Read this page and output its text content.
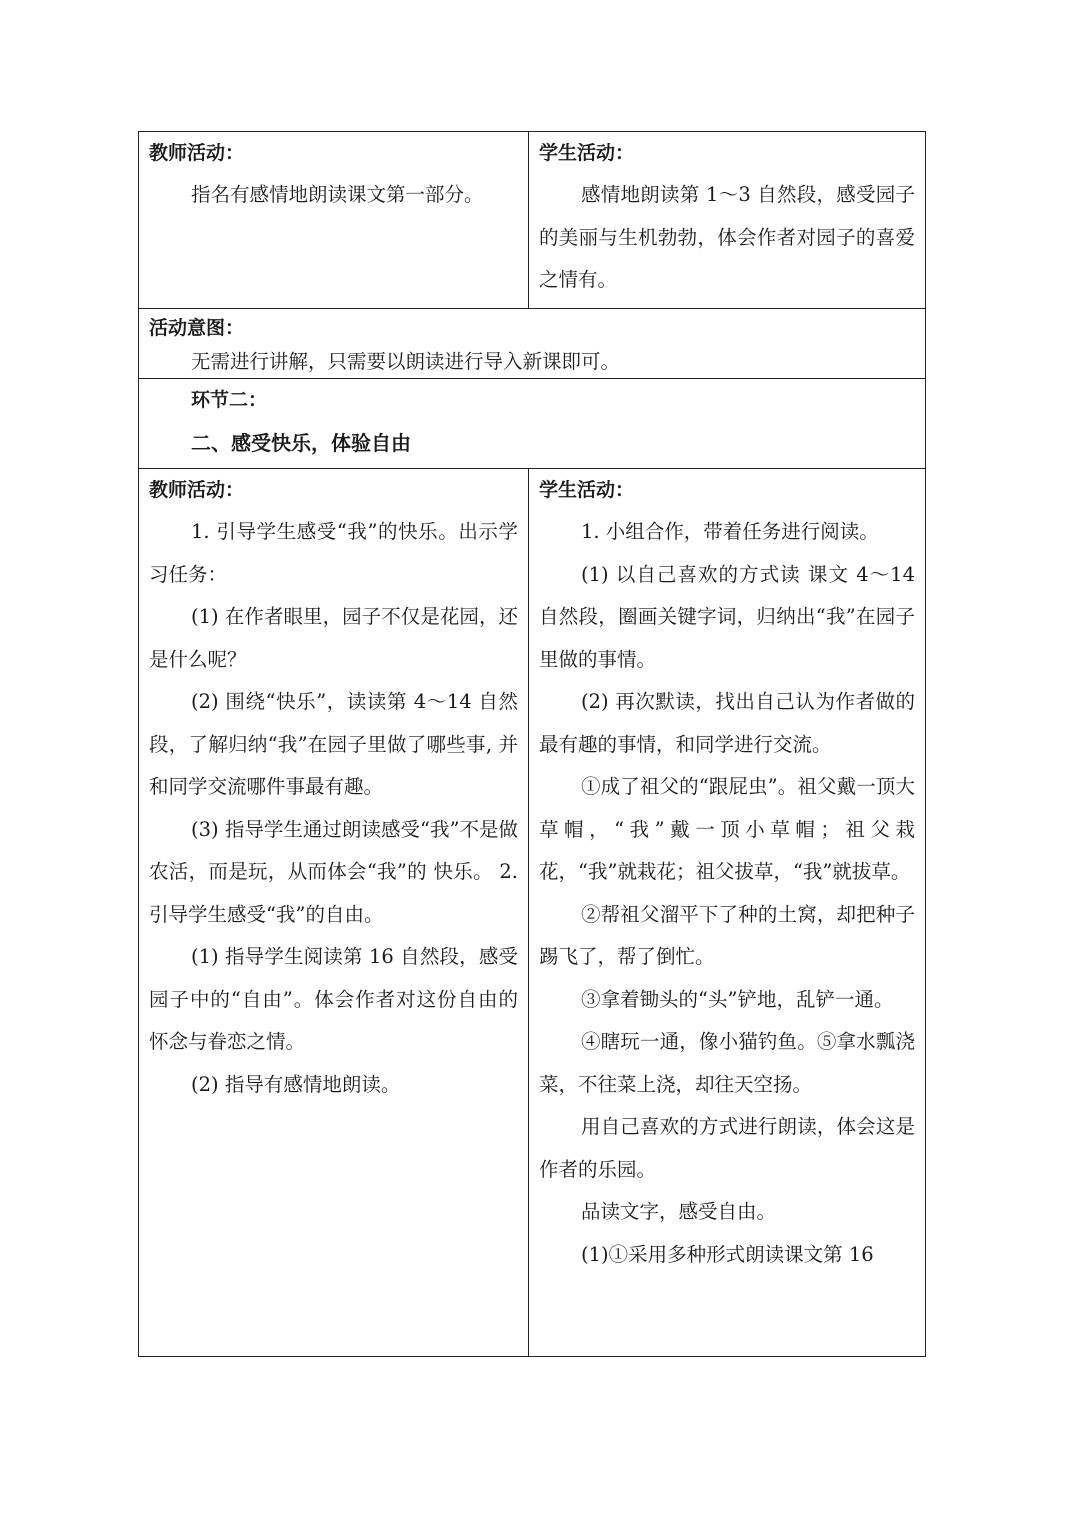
教师活动：

指名有感情地朗读课文第一部分。

学生活动：

感情地朗读第 1～3 自然段，感受园子的美丽与生机勃勃，体会作者对园子的喜爱之情有。

活动意图：

无需进行讲解，只需要以朗读进行导入新课即可。

环节二：

二、感受快乐，体验自由

教师活动：

1. 引导学生感受“我”的快乐。出示学习任务：

(1) 在作者眼里，园子不仅是花园，还是什么呢？

(2) 围绕“快乐”，读读第 4～14 自然段，了解归纳“我”在园子里做了哪些事, 并和同学交流哪件事最有趣。

(3) 指导学生通过朗读感受“我”不是做农活，而是玩，从而体会“我”的 快乐。 2. 引导学生感受“我”的自由。

(1) 指导学生阅读第 16 自然段，感受园子中的“自由”。体会作者对这份自由的怀念与眷恋之情。

(2) 指导有感情地朗读。

学生活动：

1. 小组合作，带着任务进行阅读。

(1) 以自己喜欢的方式读 课文 4～14 自然段，圈画关键字词，归纳出“我”在园子里做的事情。

(2) 再次默读，找出自己认为作者做的最有趣的事情，和同学进行交流。

①成了祖父的“跟屁虫”。祖父戴一顶大草帽，“我”戴一顶小草帽；祖父栽花，“我”就栽花；祖父拔草，“我”就拔草。

②帮祖父溜平下了种的土窝，却把种子踢飞了，帮了倒忙。

③拿着锄头的“头”铲地，乱铲一通。

④瞎玩一通，像小猫钓鱼。⑤拿水瓢浇菜，不往菜上浇，却往天空扬。

用自己喜欢的方式进行朗读，体会这是作者的乐园。

品读文字，感受自由。

(1)①采用多种形式朗读课文第 16
